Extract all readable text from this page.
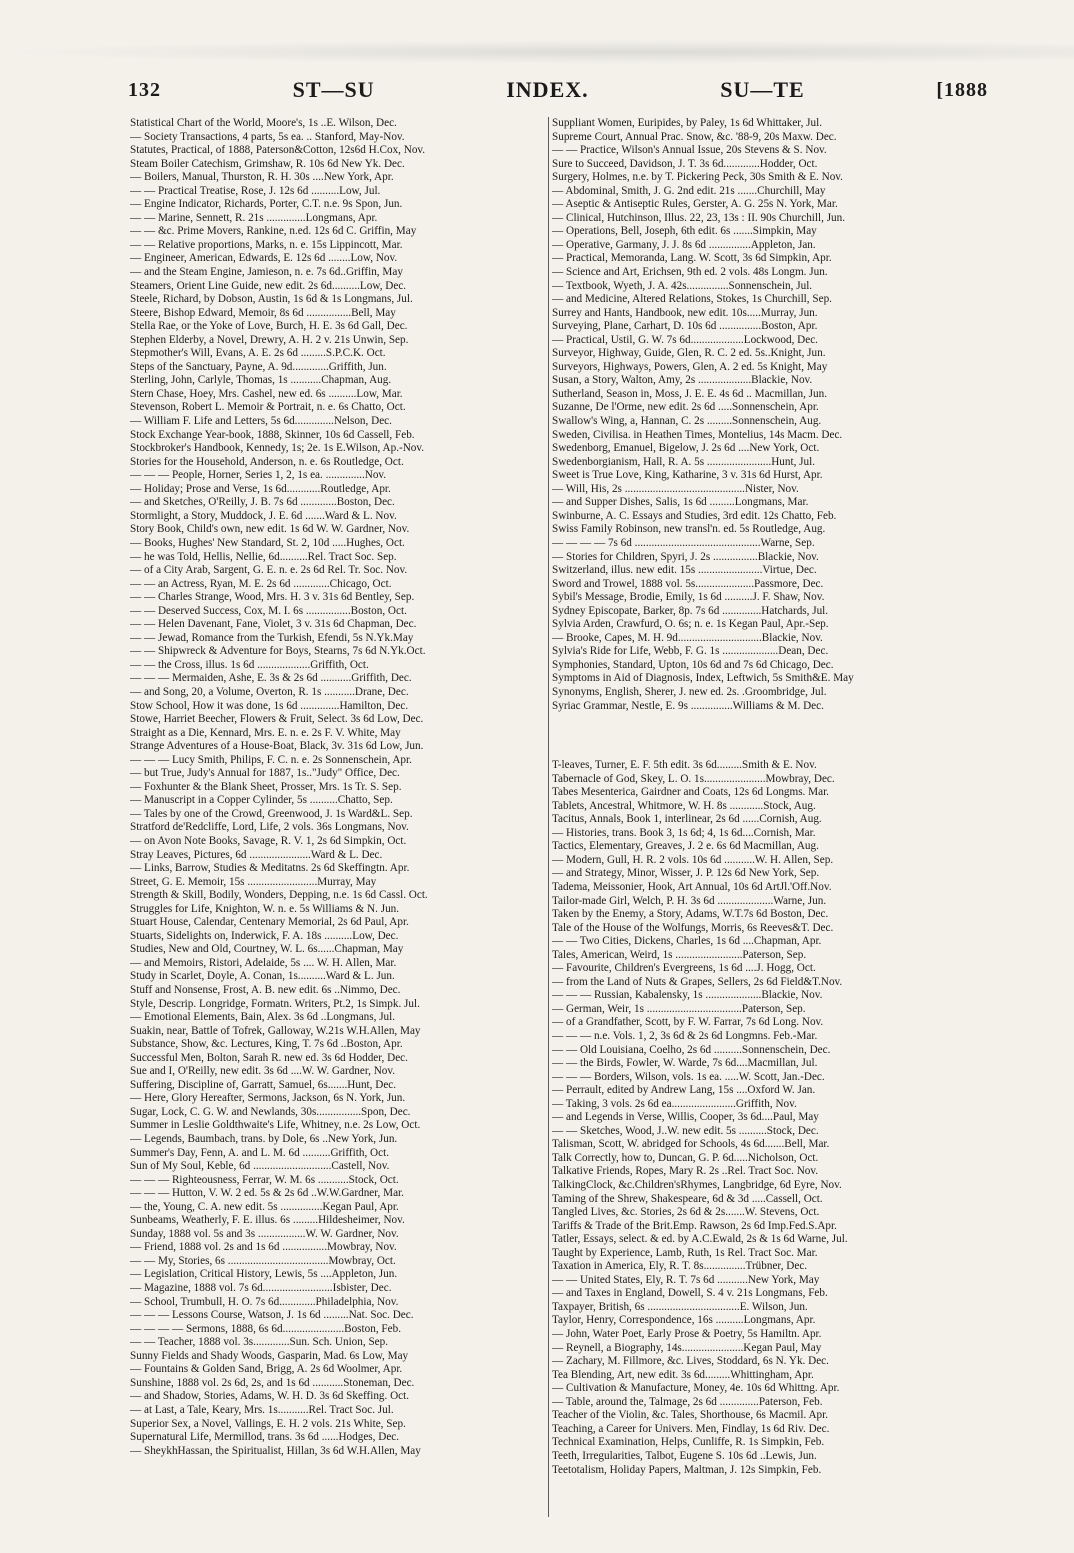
132	ST—SU	INDEX.	SU—TE	[1888
Statistical Chart of the World, Moore's, 1s ..E. Wilson, Dec.
— Society Transactions, 4 parts, 5s ea. .. Stanford, May-Nov.
Statutes, Practical, of 1888, Paterson&Cotton, 12s6d H.Cox, Nov.
Steam Boiler Catechism, Grimshaw, R. 10s 6d New Yk. Dec.
— Boilers, Manual, Thurston, R. H. 30s ....New York, Apr.
— — Practical Treatise, Rose, J. 12s 6d ..........Low, Jul.
— Engine Indicator, Richards, Porter, C.T. n.e. 9s Spon, Jun.
— — Marine, Sennett, R. 21s ..............Longmans, Apr.
— — &c. Prime Movers, Rankine, n.ed. 12s 6d C. Griffin, May
— — Relative proportions, Marks, n. e. 15s Lippincott, Mar.
— Engineer, American, Edwards, E. 12s 6d ........Low, Nov.
— and the Steam Engine, Jamieson, n. e. 7s 6d..Griffin, May
Steamers, Orient Line Guide, new edit. 2s 6d..........Low, Dec.
Steele, Richard, by Dobson, Austin, 1s 6d & 1s Longmans, Jul.
Steere, Bishop Edward, Memoir, 8s 6d ................Bell, May
Stella Rae, or the Yoke of Love, Burch, H. E. 3s 6d Gall, Dec.
Stephen Elderby, a Novel, Drewry, A. H. 2 v. 21s Unwin, Sep.
Stepmother's Will, Evans, A. E. 2s 6d .........S.P.C.K. Oct.
Steps of the Sanctuary, Payne, A. 9d.............Griffith, Jun.
Sterling, John, Carlyle, Thomas, 1s ...........Chapman, Aug.
Stern Chase, Hoey, Mrs. Cashel, new ed. 6s ..........Low, Mar.
Stevenson, Robert L. Memoir & Portrait, n. e. 6s Chatto, Oct.
— William F. Life and Letters, 5s 6d..............Nelson, Dec.
Stock Exchange Year-book, 1888, Skinner, 10s 6d Cassell, Feb.
Stockbroker's Handbook, Kennedy, 1s; 2e. 1s E.Wilson, Ap.-Nov.
Stories for the Household, Anderson, n. e. 6s Routledge, Oct.
— — — People, Horner, Series 1, 2, 1s ea. ..............Nov.
— Holiday; Prose and Verse, 1s 6d............Routledge, Apr.
— and Sketches, O'Reilly, J. B. 7s 6d .............Boston, Dec.
Stormlight, a Story, Muddock, J. E. 6d .......Ward & L. Nov.
Story Book, Child's own, new edit. 1s 6d W. W. Gardner, Nov.
— Books, Hughes' New Standard, St. 2, 10d .....Hughes, Oct.
— he was Told, Hellis, Nellie, 6d..........Rel. Tract Soc. Sep.
— of a City Arab, Sargent, G. E. n. e. 2s 6d Rel. Tr. Soc. Nov.
— — an Actress, Ryan, M. E. 2s 6d .............Chicago, Oct.
— — Charles Strange, Wood, Mrs. H. 3 v. 31s 6d Bentley, Sep.
— — Deserved Success, Cox, M. I. 6s ................Boston, Oct.
— — Helen Davenant, Fane, Violet, 3 v. 31s 6d Chapman, Dec.
— — Jewad, Romance from the Turkish, Efendi, 5s N.Yk.May
— — Shipwreck & Adventure for Boys, Stearns, 7s 6d N.Yk.Oct.
— — the Cross, illus. 1s 6d ...................Griffith, Oct.
— — — Mermaiden, Ashe, E. 3s & 2s 6d ...........Griffith, Dec.
— and Song, 20, a Volume, Overton, R. 1s ...........Drane, Dec.
Stow School, How it was done, 1s 6d ..............Hamilton, Dec.
Stowe, Harriet Beecher, Flowers & Fruit, Select. 3s 6d Low, Dec.
Straight as a Die, Kennard, Mrs. E. n. e. 2s F. V. White, May
Strange Adventures of a House-Boat, Black, 3v. 31s 6d Low, Jun.
— — — Lucy Smith, Philips, F. C. n. e. 2s Sonnenschein, Apr.
— but True, Judy's Annual for 1887, 1s.."Judy" Office, Dec.
— Foxhunter & the Blank Sheet, Prosser, Mrs. 1s Tr. S. Sep.
— Manuscript in a Copper Cylinder, 5s ..........Chatto, Sep.
— Tales by one of the Crowd, Greenwood, J. 1s Ward&L. Sep.
Stratford de'Redcliffe, Lord, Life, 2 vols. 36s Longmans, Nov.
— on Avon Note Books, Savage, R. V. 1, 2s 6d Simpkin, Oct.
Stray Leaves, Pictures, 6d ......................Ward & L. Dec.
— Links, Barrow, Studies & Meditatns. 2s 6d Skeffingtn. Apr.
Street, G. E. Memoir, 15s .........................Murray, May
Strength & Skill, Bodily, Wonders, Depping, n.e. 1s 6d Cassl. Oct.
Struggles for Life, Knighton, W. n. e. 5s Williams & N. Jun.
Stuart House, Calendar, Centenary Memorial, 2s 6d Paul, Apr.
Stuarts, Sidelights on, Inderwick, F. A. 18s ..........Low, Dec.
Studies, New and Old, Courtney, W. L. 6s......Chapman, May
— and Memoirs, Ristori, Adelaide, 5s .... W. H. Allen, Mar.
Study in Scarlet, Doyle, A. Conan, 1s..........Ward & L. Jun.
Stuff and Nonsense, Frost, A. B. new edit. 6s ..Nimmo, Dec.
Style, Descrip. Longridge, Formatn. Writers, Pt.2, 1s Simpk. Jul.
— Emotional Elements, Bain, Alex. 3s 6d ..Longmans, Jul.
Suakin, near, Battle of Tofrek, Galloway, W.21s W.H.Allen, May
Substance, Show, &c. Lectures, King, T. 7s 6d ..Boston, Apr.
Successful Men, Bolton, Sarah R. new ed. 3s 6d Hodder, Dec.
Sue and I, O'Reilly, new edit. 3s 6d ....W. W. Gardner, Nov.
Suffering, Discipline of, Garratt, Samuel, 6s.......Hunt, Dec.
— Here, Glory Hereafter, Sermons, Jackson, 6s N. York, Jun.
Sugar, Lock, C. G. W. and Newlands, 30s................Spon, Dec.
Summer in Leslie Goldthwaite's Life, Whitney, n.e. 2s Low, Oct.
— Legends, Baumbach, trans. by Dole, 6s ..New York, Jun.
Summer's Day, Fenn, A. and L. M. 6d ..........Griffith, Oct.
Sun of My Soul, Keble, 6d ............................Castell, Nov.
— — — Righteousness, Ferrar, W. M. 6s ...........Stock, Oct.
— — — Hutton, V. W. 2 ed. 5s & 2s 6d ..W.W.Gardner, Mar.
— the, Young, C. A. new edit. 5s ...............Kegan Paul, Apr.
Sunbeams, Weatherly, F. E. illus. 6s .........Hildesheimer, Nov.
Sunday, 1888 vol. 5s and 3s .................W. W. Gardner, Nov.
— Friend, 1888 vol. 2s and 1s 6d ................Mowbray, Nov.
— — My, Stories, 6s ....................................Mowbray, Oct.
— Legislation, Critical History, Lewis, 5s ....Appleton, Jun.
— Magazine, 1888 vol. 7s 6d.........................Isbister, Dec.
— School, Trumbull, H. O. 7s 6d.............Philadelphia, Nov.
— — — Lessons Course, Watson, J. 1s 6d .........Nat. Soc. Dec.
— — — — Sermons, 1888, 6s 6d......................Boston, Feb.
— — Teacher, 1888 vol. 3s.............Sun. Sch. Union, Sep.
Sunny Fields and Shady Woods, Gasparin, Mad. 6s Low, May
— Fountains & Golden Sand, Brigg, A. 2s 6d Woolmer, Apr.
Sunshine, 1888 vol. 2s 6d, 2s, and 1s 6d ...........Stoneman, Dec.
— and Shadow, Stories, Adams, W. H. D. 3s 6d Skeffing. Oct.
— at Last, a Tale, Keary, Mrs. 1s...........Rel. Tract Soc. Jul.
Superior Sex, a Novel, Vallings, E. H. 2 vols. 21s White, Sep.
Supernatural Life, Mermillod, trans. 3s 6d ......Hodges, Dec.
— SheykhHassan, the Spiritualist, Hillan, 3s 6d W.H.Allen, May
Suppliant Women, Euripides, by Paley, 1s 6d Whittaker, Jul.
Supreme Court, Annual Prac. Snow, &c. '88-9, 20s Maxw. Dec.
— — Practice, Wilson's Annual Issue, 20s Stevens & S. Nov.
Sure to Succeed, Davidson, J. T. 3s 6d.............Hodder, Oct.
Surgery, Holmes, n.e. by T. Pickering Peck, 30s Smith & E. Nov.
— Abdominal, Smith, J. G. 2nd edit. 21s .......Churchill, May
— Aseptic & Antiseptic Rules, Gerster, A. G. 25s N. York, Mar.
— Clinical, Hutchinson, Illus. 22, 23, 13s : II. 90s Churchill, Jun.
— Operations, Bell, Joseph, 6th edit. 6s .......Simpkin, May
— Operative, Garmany, J. J. 8s 6d ...............Appleton, Jan.
— Practical, Memoranda, Lang. W. Scott, 3s 6d Simpkin, Apr.
— Science and Art, Erichsen, 9th ed. 2 vols. 48s Longm. Jun.
— Textbook, Wyeth, J. A. 42s...............Sonnenschein, Jul.
— and Medicine, Altered Relations, Stokes, 1s Churchill, Sep.
Surrey and Hants, Handbook, new edit. 10s.....Murray, Jun.
Surveying, Plane, Carhart, D. 10s 6d ...............Boston, Apr.
— Practical, Ustil, G. W. 7s 6d...................Lockwood, Dec.
Surveyor, Highway, Guide, Glen, R. C. 2 ed. 5s..Knight, Jun.
Surveyors, Highways, Powers, Glen, A. 2 ed. 5s Knight, May
Susan, a Story, Walton, Amy, 2s ...................Blackie, Nov.
Sutherland, Season in, Moss, J. E. E. 4s 6d .. Macmillan, Jun.
Suzanne, De l'Orme, new edit. 2s 6d .....Sonnenschein, Apr.
Swallow's Wing, a, Hannan, C. 2s .........Sonnenschein, Aug.
Sweden, Civilisa. in Heathen Times, Montelius, 14s Macm. Dec.
Swedenborg, Emanuel, Bigelow, J. 2s 6d ....New York, Oct.
Swedenborgianism, Hall, R. A. 5s .......................Hunt, Jul.
Sweet is True Love, King, Katharine, 3 v. 31s 6d Hurst, Apr.
— Will, His, 2s ...........................................Nister, Nov.
— and Supper Dishes, Salis, 1s 6d .........Longmans, Mar.
Swinburne, A. C. Essays and Studies, 3rd edit. 12s Chatto, Feb.
Swiss Family Robinson, new transl'n. ed. 5s Routledge, Aug.
— — — — 7s 6d .............................................Warne, Sep.
— Stories for Children, Spyri, J. 2s ................Blackie, Nov.
Switzerland, illus. new edit. 15s .......................Virtue, Dec.
Sword and Trowel, 1888 vol. 5s.....................Passmore, Dec.
Sybil's Message, Brodie, Emily, 1s 6d ..........J. F. Shaw, Nov.
Sydney Episcopate, Barker, 8p. 7s 6d ..............Hatchards, Jul.
Sylvia Arden, Crawfurd, O. 6s; n. e. 1s Kegan Paul, Apr.-Sep.
— Brooke, Capes, M. H. 9d..............................Blackie, Nov.
Sylvia's Ride for Life, Webb, F. G. 1s ....................Dean, Dec.
Symphonies, Standard, Upton, 10s 6d and 7s 6d Chicago, Dec.
Symptoms in Aid of Diagnosis, Index, Leftwich, 5s Smith&E. May
Synonyms, English, Sherer, J. new ed. 2s. .Groombridge, Jul.
Syriac Grammar, Nestle, E. 9s ...............Williams & M. Dec.
T-leaves, Turner, E. F. 5th edit. 3s 6d.........Smith & E. Nov.
Tabernacle of God, Skey, L. O. 1s......................Mowbray, Dec.
Tabes Mesenterica, Gairdner and Coats, 12s 6d Longms. Mar.
Tablets, Ancestral, Whitmore, W. H. 8s ............Stock, Aug.
Tacitus, Annals, Book 1, interlinear, 2s 6d ......Cornish, Aug.
— Histories, trans. Book 3, 1s 6d; 4, 1s 6d....Cornish, Mar.
Tactics, Elementary, Greaves, J. 2 e. 6s 6d Macmillan, Aug.
— Modern, Gull, H. R. 2 vols. 10s 6d ...........W. H. Allen, Sep.
— and Strategy, Minor, Wisser, J. P. 12s 6d New York, Sep.
Tadema, Meissonier, Hook, Art Annual, 10s 6d ArtJl.'Off.Nov.
Tailor-made Girl, Welch, P. H. 3s 6d ....................Warne, Jun.
Taken by the Enemy, a Story, Adams, W.T.7s 6d Boston, Dec.
Tale of the House of the Wolfungs, Morris, 6s Reeves&T. Dec.
— — Two Cities, Dickens, Charles, 1s 6d ....Chapman, Apr.
Tales, American, Weird, 1s ........................Paterson, Sep.
— Favourite, Children's Evergreens, 1s 6d ....J. Hogg, Oct.
— from the Land of Nuts & Grapes, Sellers, 2s 6d Field&T.Nov.
— — — Russian, Kabalensky, 1s ....................Blackie, Nov.
— German, Weir, 1s ..................................Paterson, Sep.
— of a Grandfather, Scott, by F. W. Farrar, 7s 6d Long. Nov.
— — — n.e. Vols. 1, 2, 3s 6d & 2s 6d Longmns. Feb.-Mar.
— — Old Louisiana, Coelho, 2s 6d ..........Sonnenschein, Dec.
— — the Birds, Fowler, W. Warde, 7s 6d....Macmillan, Jul.
— — — Borders, Wilson, vols. 1s ea. .....W. Scott, Jan.-Dec.
— Perrault, edited by Andrew Lang, 15s ....Oxford W. Jan.
— Taking, 3 vols. 2s 6d ea.......................Griffith, Nov.
— and Legends in Verse, Willis, Cooper, 3s 6d....Paul, May
— — Sketches, Wood, J..W. new edit. 5s ..........Stock, Dec.
Talisman, Scott, W. abridged for Schools, 4s 6d.......Bell, Mar.
Talk Correctly, how to, Duncan, G. P. 6d.....Nicholson, Oct.
Talkative Friends, Ropes, Mary R. 2s ..Rel. Tract Soc. Nov.
TalkingClock, &c.Children'sRhymes, Langbridge, 6d Eyre, Nov.
Taming of the Shrew, Shakespeare, 6d & 3d .....Cassell, Oct.
Tangled Lives, &c. Stories, 2s 6d & 2s.......W. Stevens, Oct.
Tariffs & Trade of the Brit.Emp. Rawson, 2s 6d Imp.Fed.S.Apr.
Tatler, Essays, select. & ed. by A.C.Ewald, 2s & 1s 6d Warne, Jul.
Taught by Experience, Lamb, Ruth, 1s Rel. Tract Soc. Mar.
Taxation in America, Ely, R. T. 8s...............Trübner, Dec.
— — United States, Ely, R. T. 7s 6d ...........New York, May
— and Taxes in England, Dowell, S. 4 v. 21s Longmans, Feb.
Taxpayer, British, 6s .................................E. Wilson, Jun.
Taylor, Henry, Correspondence, 16s ..........Longmans, Apr.
— John, Water Poet, Early Prose & Poetry, 5s Hamiltn. Apr.
— Reynell, a Biography, 14s......................Kegan Paul, May
— Zachary, M. Fillmore, &c. Lives, Stoddard, 6s N. Yk. Dec.
Tea Blending, Art, new edit. 3s 6d.........Whittingham, Apr.
— Cultivation & Manufacture, Money, 4e. 10s 6d Whittng. Apr.
— Table, around the, Talmage, 2s 6d ..............Paterson, Feb.
Teacher of the Violin, &c. Tales, Shorthouse, 6s Macmil. Apr.
Teaching, a Career for Univers. Men, Findlay, 1s 6d Riv. Dec.
Technical Examination, Helps, Cunliffe, R. 1s Simpkin, Feb.
Teeth, Irregularities, Talbot, Eugene S. 10s 6d ..Lewis, Jun.
Teetotalism, Holiday Papers, Maltman, J. 12s Simpkin, Feb.
